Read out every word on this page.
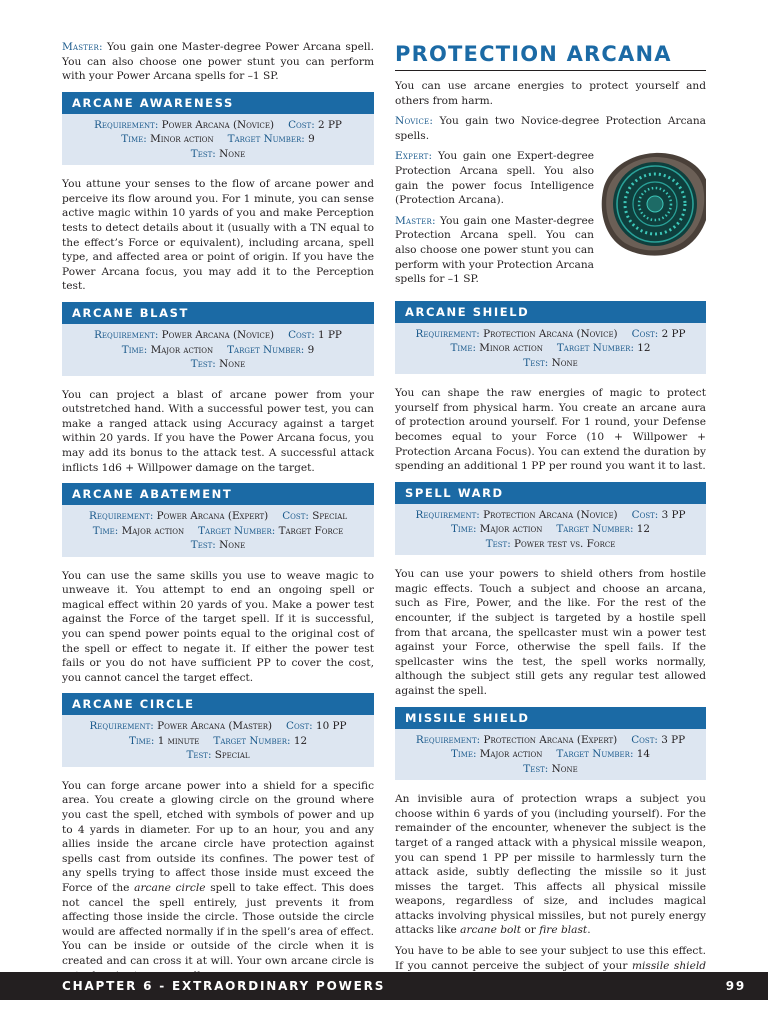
Master: You gain one Master-degree Power Arcana spell. You can also choose one power stunt you can perform with your Power Arcana spells for –1 SP.

ARCANE AWARENESS
Requirement: Power Arcana (Novice) Cost: 2 PP
Time: Minor action Target Number: 9
Test: None

You attune your senses to the flow of arcane power and perceive its flow around you. For 1 minute, you can sense active magic within 10 yards of you and make Perception tests to detect details about it (usually with a TN equal to the effect’s Force or equivalent), including arcana, spell type, and affected area or point of origin. If you have the Power Arcana focus, you may add it to the Perception test.

ARCANE BLAST
Requirement: Power Arcana (Novice) Cost: 1 PP
Time: Major action Target Number: 9
Test: None

You can project a blast of arcane power from your outstretched hand. With a successful power test, you can make a ranged attack using Accuracy against a target within 20 yards. If you have the Power Arcana focus, you may add its bonus to the attack test. A successful attack inflicts 1d6 + Willpower damage on the target.

ARCANE ABATEMENT
Requirement: Power Arcana (Expert) Cost: Special
Time: Major action Target Number: Target Force
Test: None

You can use the same skills you use to weave magic to unweave it. You attempt to end an ongoing spell or magical effect within 20 yards of you. Make a power test against the Force of the target spell. If it is successful, you can spend power points equal to the original cost of the spell or effect to negate it. If either the power test fails or you do not have sufficient PP to cover the cost, you cannot cancel the target effect.

ARCANE CIRCLE
Requirement: Power Arcana (Master) Cost: 10 PP
Time: 1 minute Target Number: 12
Test: Special

You can forge arcane power into a shield for a specific area. You create a glowing circle on the ground where you cast the spell, etched with symbols of power and up to 4 yards in diameter. For up to an hour, you and any allies inside the arcane circle have protection against spells cast from outside its confines. The power test of any spells trying to affect those inside must exceed the Force of the arcane circle spell to take effect. This does not cancel the spell entirely, just prevents it from affecting those inside the circle. Those outside the circle would are affected normally if in the spell’s area of effect. You can be inside or outside of the circle when it is created and can cross it at will. Your own arcane circle is

PROTECTION ARCANA

You can use arcane energies to protect yourself and others from harm.

Novice: You gain two Novice-degree Protection Arcana spells.

Expert: You gain one Expert-degree Protection Arcana spell. You also gain the power focus Intelligence (Protection Arcana).

Master: You gain one Master-degree Protection Arcana spell. You can also choose one power stunt you can perform with your Protection Arcana spells for –1 SP.

ARCANE SHIELD
Requirement: Protection Arcana (Novice) Cost: 2 PP
Time: Minor action Target Number: 12
Test: None

You can shape the raw energies of magic to protect yourself from physical harm. You create an arcane aura of protection around yourself. For 1 round, your Defense becomes equal to your Force (10 + Willpower + Protection Arcana Focus). You can extend the duration by spending an additional 1 PP per round you want it to last.

SPELL WARD
Requirement: Protection Arcana (Novice) Cost: 3 PP
Time: Major action Target Number: 12
Test: Power test vs. Force

You can use your powers to shield others from hostile magic effects. Touch a subject and choose an arcana, such as Fire, Power, and the like. For the rest of the encounter, if the subject is targeted by a hostile spell from that arcana, the spellcaster must win a power test against your Force, otherwise the spell fails. If the spellcaster wins the test, the spell works normally, although the subject still gets any regular test allowed against the spell.

MISSILE SHIELD
Requirement: Protection Arcana (Expert) Cost: 3 PP
Time: Major action Target Number: 14
Test: None

An invisible aura of protection wraps a subject you choose within 6 yards of you (including yourself). For the remainder of the encounter, whenever the subject is the target of a ranged attack with a physical missile weapon, you can spend 1 PP per missile to harmlessly turn the attack aside, subtly deflecting the missile so it just misses the target. This affects all physical missile weapons, regardless of size, and includes magical attacks involving physical missiles, but not purely energy attacks like arcane bolt or fire blast.

You have to be able to see your subject to use this effect. If you cannot perceive the subject of your missile shield

CHAPTER 6 - EXTRAORDINARY POWERS	99
